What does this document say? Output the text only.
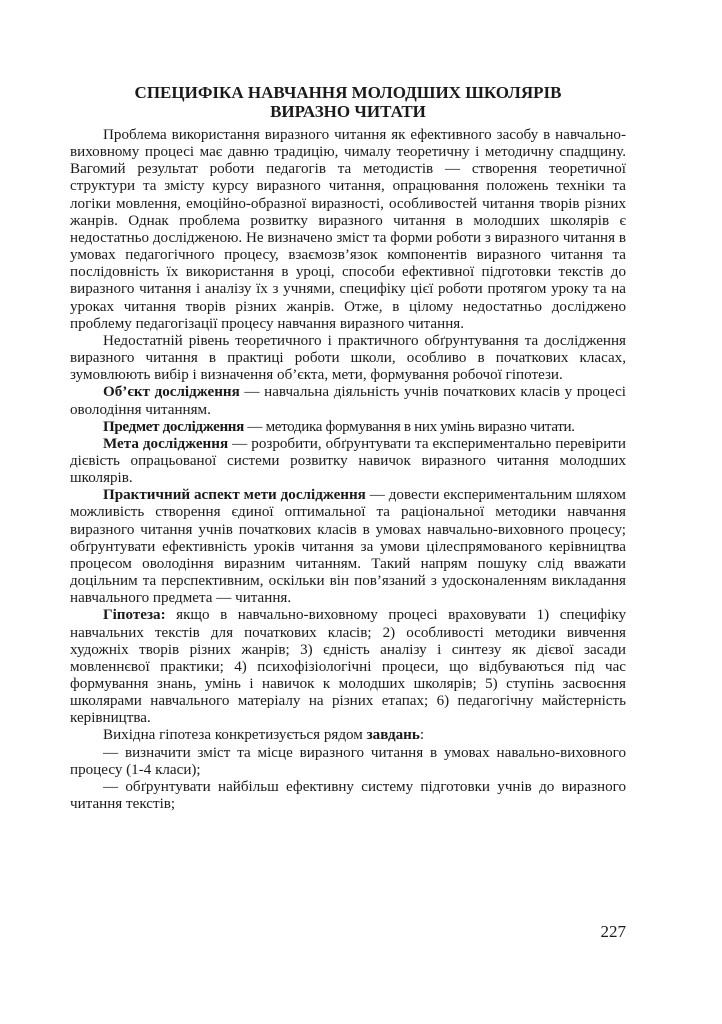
СПЕЦИФІКА НАВЧАННЯ МОЛОДШИХ ШКОЛЯРІВ
ВИРАЗНО ЧИТАТИ

Проблема використання виразного читання як ефективного засобу в навчально-виховному процесі має давню традицію, чималу теоретичну і методичну спадщину. Вагомий результат роботи педагогів та методистів — створення теоретичної структури та змісту курсу виразного читання, опрацювання положень техніки та логіки мовлення, емоційно-образної виразності, особливостей читання творів різних жанрів. Однак проблема розвитку виразного читання в молодших школярів є недостатньо дослідженою. Не визначено зміст та форми роботи з виразного читання в умовах педагогічного процесу, взаємозв’язок компонентів виразного читання та послідовність їх використання в уроці, способи ефективної підготовки текстів до виразного читання і аналізу їх з учнями, специфіку цієї роботи протягом уроку та на уроках читання творів різних жанрів. Отже, в цілому недостатньо досліджено проблему педагогізації процесу навчання виразного читання.

Недостатній рівень теоретичного і практичного обґрунтування та дослідження виразного читання в практиці роботи школи, особливо в початкових класах, зумовлюють вибір і визначення об’єкта, мети, формування робочої гіпотези.

Об’єкт дослідження — навчальна діяльність учнів початкових класів у процесі оволодіння читанням.

Предмет дослідження — методика формування в них умінь виразно читати.

Мета дослідження — розробити, обґрунтувати та експериментально перевірити дієвість опрацьованої системи розвитку навичок виразного читання молодших школярів.

Практичний аспект мети дослідження — довести експериментальним шляхом можливість створення єдиної оптимальної та раціональної методики навчання виразного читання учнів початкових класів в умовах навчально-виховного процесу; обґрунтувати ефективність уроків читання за умови цілеспрямованого керівництва процесом оволодіння виразним читанням. Такий напрям пошуку слід вважати доцільним та перспективним, оскільки він пов’язаний з удосконаленням викладання навчального предмета — читання.

Гіпотеза: якщо в навчально-виховному процесі враховувати 1) специфіку навчальних текстів для початкових класів; 2) особливості методики вивчення художніх творів різних жанрів; 3) єдність аналізу і синтезу як дієвої засади мовленнєвої практики; 4) психофізіологічні процеси, що відбуваються під час формування знань, умінь і навичок к молодших школярів; 5) ступінь засвоєння школярами навчального матеріалу на різних етапах; 6) педагогічну майстерність керівництва.

Вихідна гіпотеза конкретизується рядом завдань:

— визначити зміст та місце виразного читання в умовах навально-виховного процесу (1-4 класи);

— обґрунтувати найбільш ефективну систему підготовки учнів до виразного читання текстів;

227
